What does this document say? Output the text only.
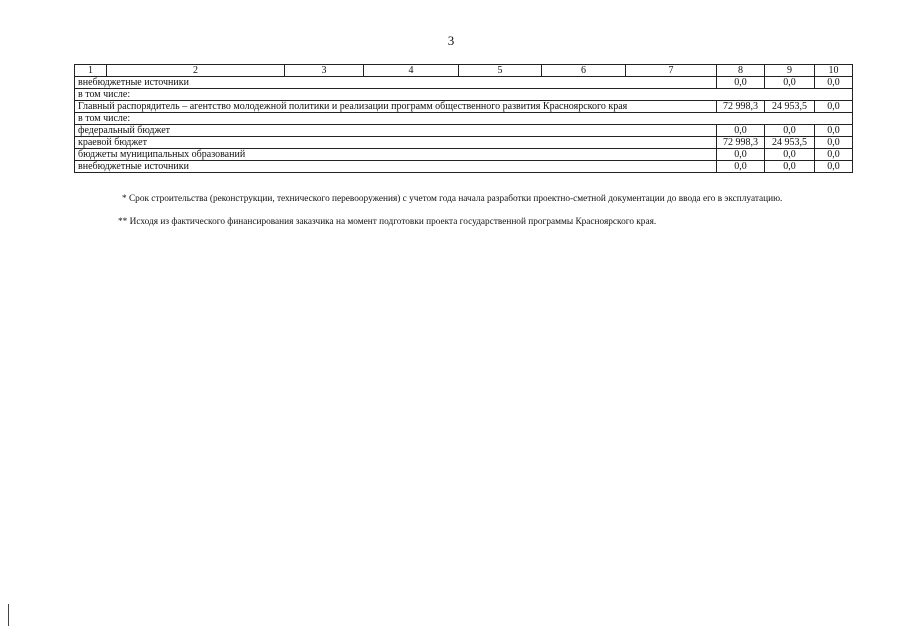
3
1	2	3	4	5	6	7	8	9	10
внебюджетные источники							0,0	0,0	0,0
в том числе:									
Главный распорядитель – агентство молодежной политики и реализации программ общественного развития Красноярского края							72 998,3	24 953,5	0,0
в том числе:									
федеральный бюджет							0,0	0,0	0,0
краевой бюджет							72 998,3	24 953,5	0,0
бюджеты муниципальных образований							0,0	0,0	0,0
внебюджетные источники							0,0	0,0	0,0
* Срок строительства (реконструкции, технического перевооружения) с учетом года начала разработки проектно-сметной документации до ввода его в эксплуатацию.
** Исходя из фактического финансирования заказчика на момент подготовки проекта государственной программы Красноярского края.
